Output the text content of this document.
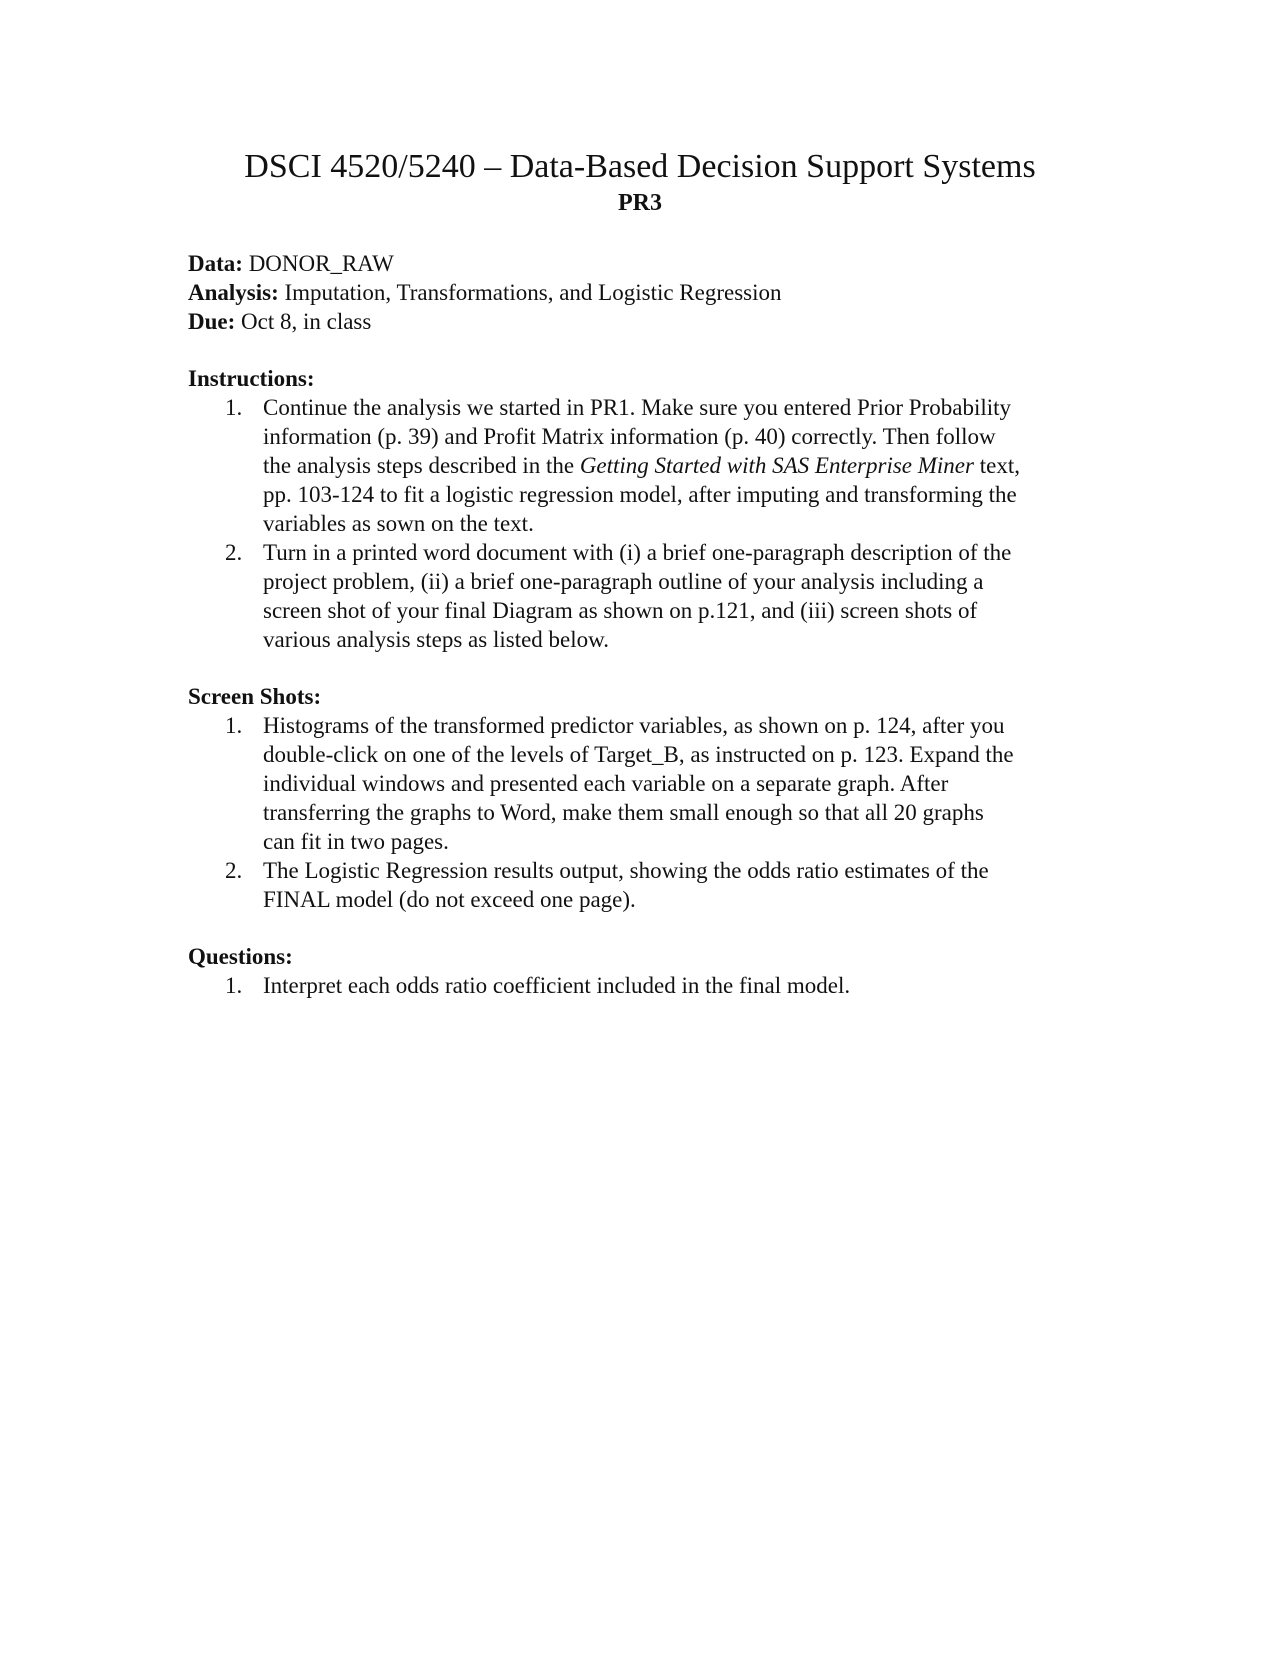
DSCI 4520/5240 – Data-Based Decision Support Systems
PR3
Data: DONOR_RAW
Analysis: Imputation, Transformations, and Logistic Regression
Due: Oct 8, in class
Instructions:
1. Continue the analysis we started in PR1. Make sure you entered Prior Probability
information (p. 39) and Profit Matrix information (p. 40) correctly. Then follow
the analysis steps described in the Getting Started with SAS Enterprise Miner text,
pp. 103-124 to fit a logistic regression model, after imputing and transforming the
variables as sown on the text.
2. Turn in a printed word document with (i) a brief one-paragraph description of the
project problem, (ii) a brief one-paragraph outline of your analysis including a
screen shot of your final Diagram as shown on p.121, and (iii) screen shots of
various analysis steps as listed below.
Screen Shots:
1. Histograms of the transformed predictor variables, as shown on p. 124, after you
double-click on one of the levels of Target_B, as instructed on p. 123. Expand the
individual windows and presented each variable on a separate graph. After
transferring the graphs to Word, make them small enough so that all 20 graphs
can fit in two pages.
2. The Logistic Regression results output, showing the odds ratio estimates of the
FINAL model (do not exceed one page).
Questions:
1. Interpret each odds ratio coefficient included in the final model.
